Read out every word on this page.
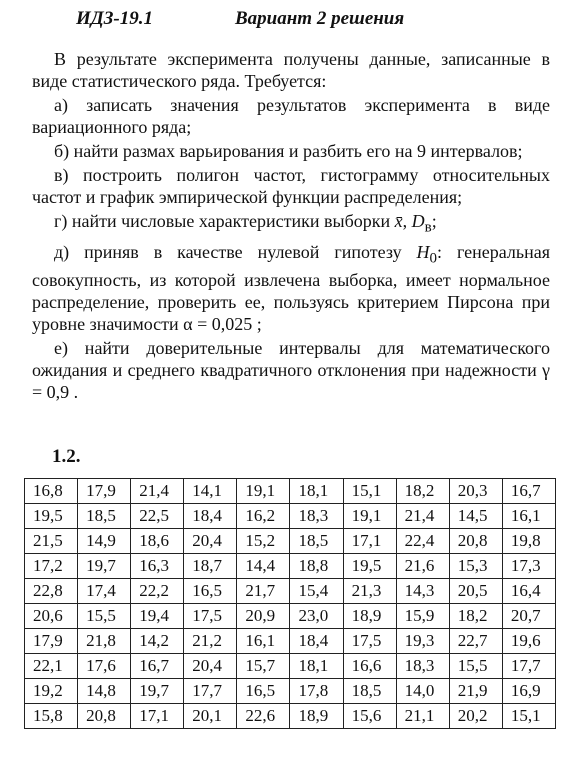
ИДЗ-19.1	Вариант 2 решения

В результате эксперимента получены данные, записанные в виде статистического ряда. Требуется:

а) записать значения результатов эксперимента в виде вариационного ряда;

б) найти размах варьирования и разбить его на 9 интервалов;

в) построить полигон частот, гистограмму относительных частот и график эмпирической функции распределения;

г) найти числовые характеристики выборки x̄, $D_в$;

д) приняв в качестве нулевой гипотезу $H_0$: генеральная совокупность, из которой извлечена выборка, имеет нормальное распределение, проверить ее, пользуясь критерием Пирсона при уровне значимости α = 0,025 ;

е) найти доверительные интервалы для математического ожидания и среднего квадратичного отклонения при надежности γ = 0,9 .

1.2.
16,8	17,9	21,4	14,1	19,1	18,1	15,1	18,2	20,3	16,7
19,5	18,5	22,5	18,4	16,2	18,3	19,1	21,4	14,5	16,1
21,5	14,9	18,6	20,4	15,2	18,5	17,1	22,4	20,8	19,8
17,2	19,7	16,3	18,7	14,4	18,8	19,5	21,6	15,3	17,3
22,8	17,4	22,2	16,5	21,7	15,4	21,3	14,3	20,5	16,4
20,6	15,5	19,4	17,5	20,9	23,0	18,9	15,9	18,2	20,7
17,9	21,8	14,2	21,2	16,1	18,4	17,5	19,3	22,7	19,6
22,1	17,6	16,7	20,4	15,7	18,1	16,6	18,3	15,5	17,7
19,2	14,8	19,7	17,7	16,5	17,8	18,5	14,0	21,9	16,9
15,8	20,8	17,1	20,1	22,6	18,9	15,6	21,1	20,2	15,1
